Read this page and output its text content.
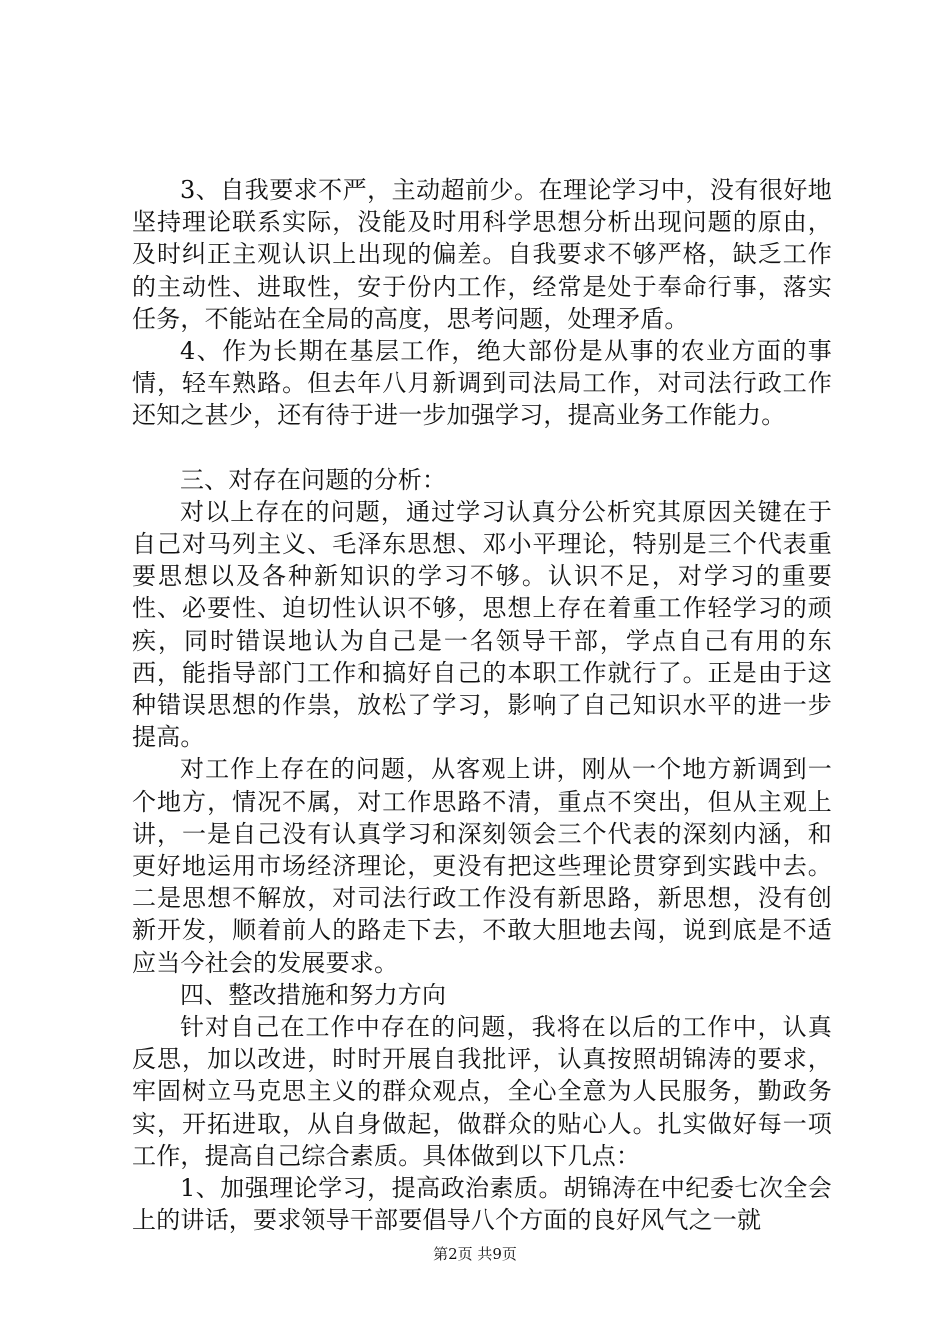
3、自我要求不严，主动超前少。在理论学习中，没有很好地坚持理论联系实际，没能及时用科学思想分析出现问题的原由，及时纠正主观认识上出现的偏差。自我要求不够严格，缺乏工作的主动性、进取性，安于份内工作，经常是处于奉命行事，落实任务，不能站在全局的高度，思考问题，处理矛盾。

4、作为长期在基层工作，绝大部份是从事的农业方面的事情，轻车熟路。但去年八月新调到司法局工作，对司法行政工作还知之甚少，还有待于进一步加强学习，提高业务工作能力。

三、对存在问题的分析：

对以上存在的问题，通过学习认真分公析究其原因关键在于自己对马列主义、毛泽东思想、邓小平理论，特别是三个代表重要思想以及各种新知识的学习不够。认识不足，对学习的重要性、必要性、迫切性认识不够，思想上存在着重工作轻学习的顽疾，同时错误地认为自己是一名领导干部，学点自己有用的东西，能指导部门工作和搞好自己的本职工作就行了。正是由于这种错误思想的作祟，放松了学习，影响了自己知识水平的进一步提高。

对工作上存在的问题，从客观上讲，刚从一个地方新调到一个地方，情况不属，对工作思路不清，重点不突出，但从主观上讲，一是自己没有认真学习和深刻领会三个代表的深刻内涵，和更好地运用市场经济理论，更没有把这些理论贯穿到实践中去。二是思想不解放，对司法行政工作没有新思路，新思想，没有创新开发，顺着前人的路走下去，不敢大胆地去闯，说到底是不适应当今社会的发展要求。

四、整改措施和努力方向

针对自己在工作中存在的问题，我将在以后的工作中，认真反思，加以改进，时时开展自我批评，认真按照胡锦涛的要求，牢固树立马克思主义的群众观点，全心全意为人民服务，勤政务实，开拓进取，从自身做起，做群众的贴心人。扎实做好每一项工作，提高自己综合素质。具体做到以下几点：

1、加强理论学习，提高政治素质。胡锦涛在中纪委七次全会上的讲话，要求领导干部要倡导八个方面的良好风气之一就

第2页 共9页
